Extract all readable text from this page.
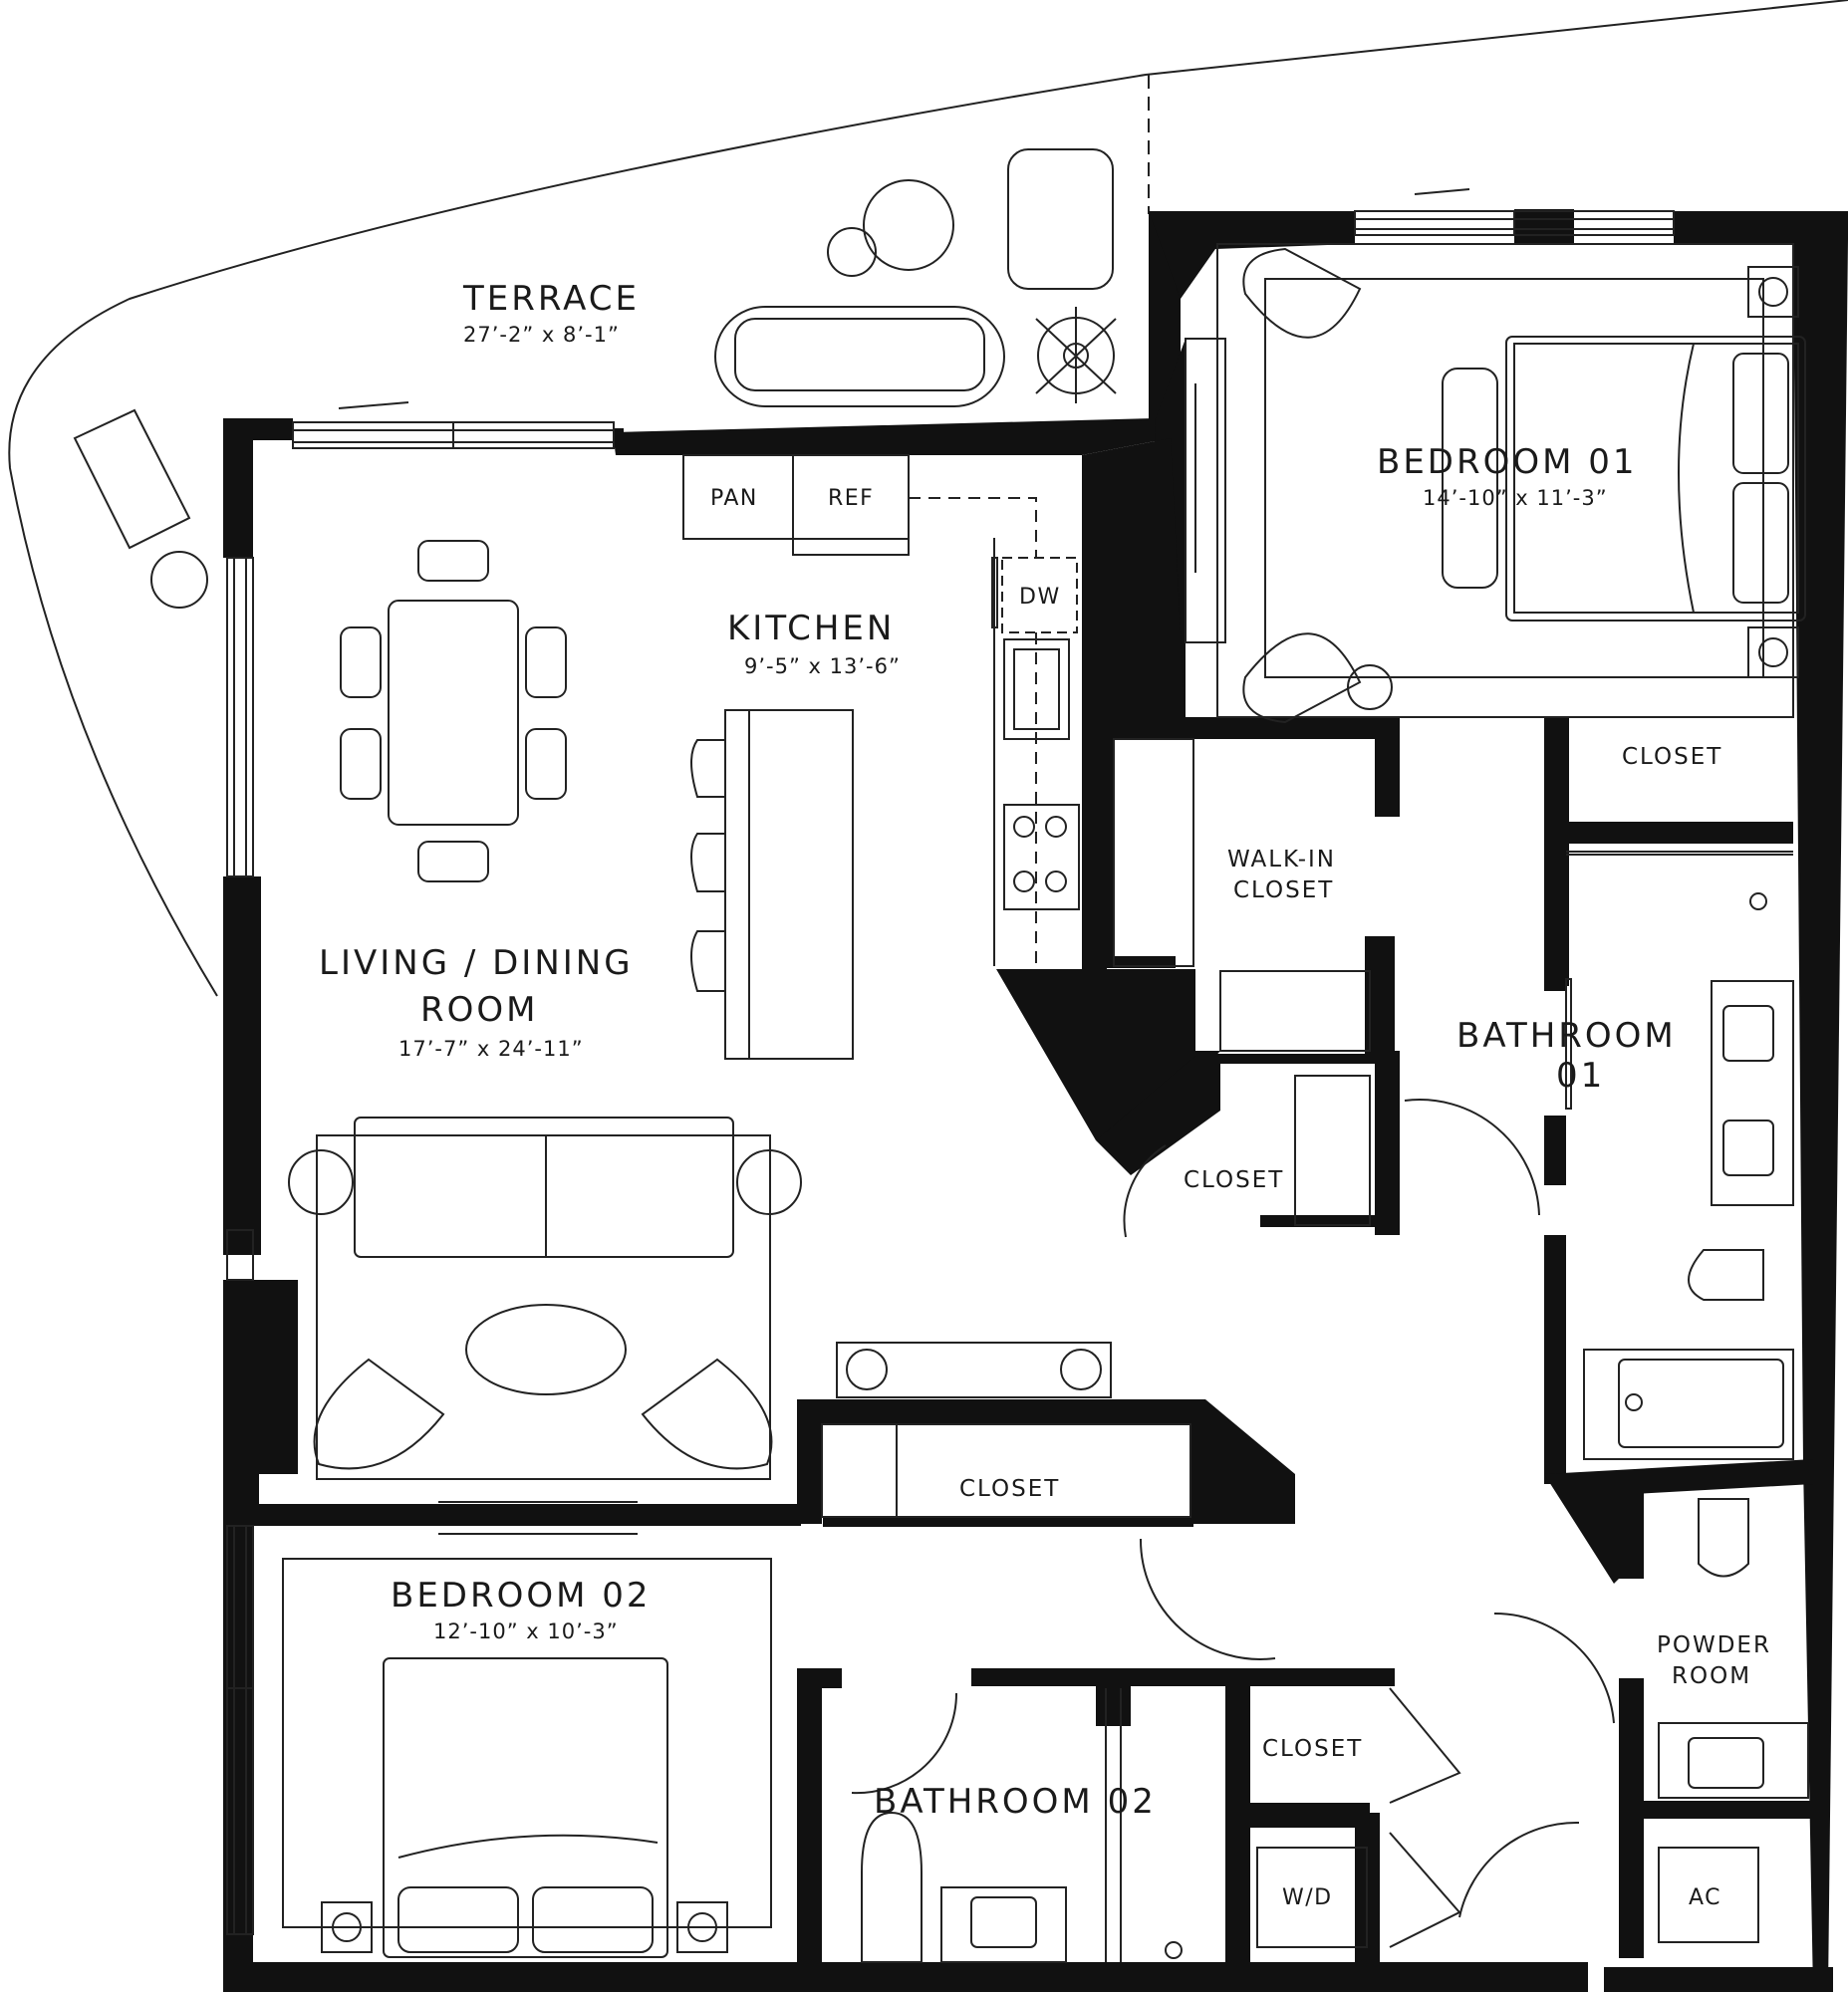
TERRACE
27’-2” x 8’-1”
BEDROOM 01
14’-10” x 11’-3”
KITCHEN
9’-5” x 13’-6”
LIVING / DINING
ROOM
17’-7” x 24’-11”
WALK-IN
CLOSET
BATHROOM
01
BEDROOM 02
12’-10” x 10’-3”
BATHROOM 02
POWDER
ROOM
PAN	REF
DW
W/D	AC
CLOSET
CLOSET
CLOSET
CLOSET
